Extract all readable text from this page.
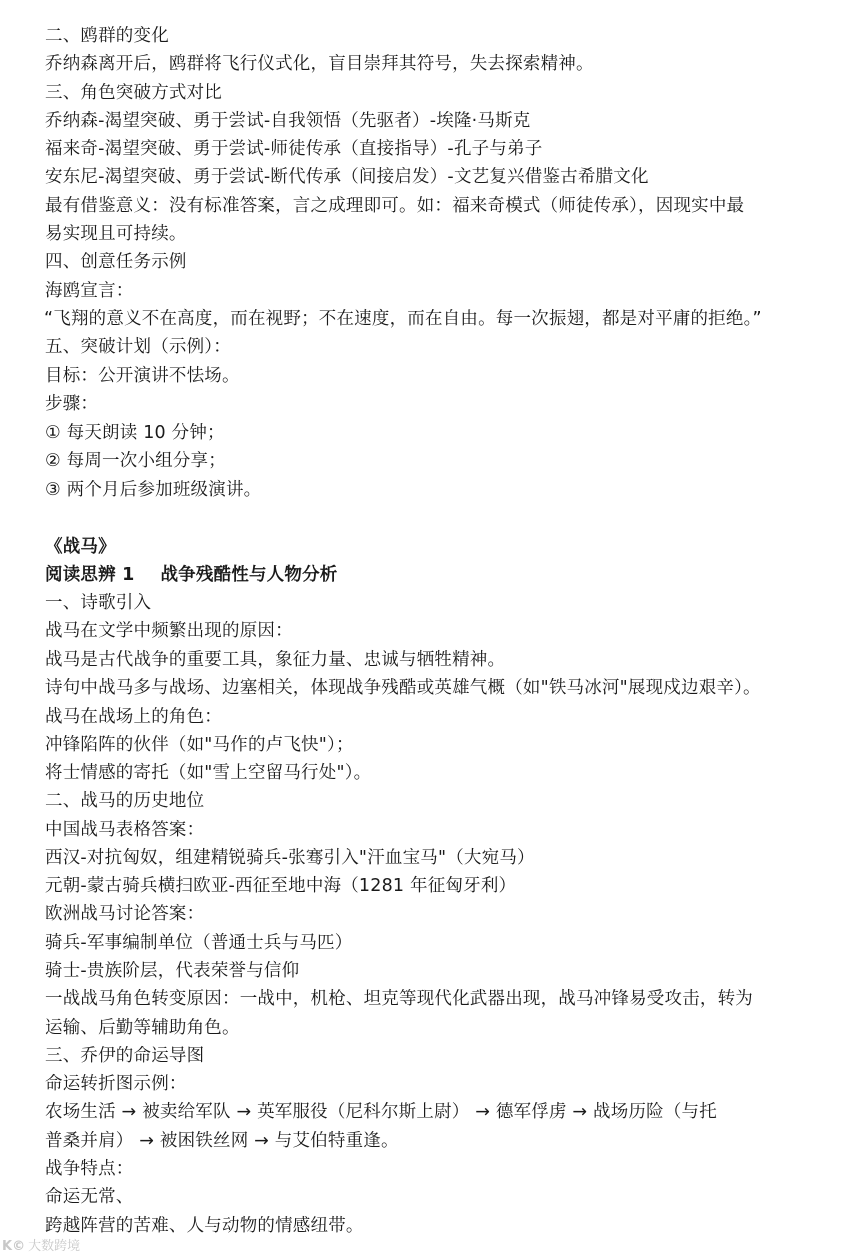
二、鸥群的变化
乔纳森离开后，鸥群将飞行仪式化，盲目崇拜其符号，失去探索精神。
三、角色突破方式对比
乔纳森-渴望突破、勇于尝试-自我领悟（先驱者）-埃隆·马斯克
福来奇-渴望突破、勇于尝试-师徒传承（直接指导）-孔子与弟子
安东尼-渴望突破、勇于尝试-断代传承（间接启发）-文艺复兴借鉴古希腊文化
最有借鉴意义：没有标准答案，言之成理即可。如：福来奇模式（师徒传承），因现实中最
易实现且可持续。
四、创意任务示例
海鸥宣言：
“飞翔的意义不在高度，而在视野；不在速度，而在自由。每一次振翅，都是对平庸的拒绝。”
五、突破计划（示例）：
目标：公开演讲不怯场。
步骤：
① 每天朗读 10 分钟；
② 每周一次小组分享；
③ 两个月后参加班级演讲。
《战马》
阅读思辨 1 战争残酷性与人物分析
一、诗歌引入
战马在文学中频繁出现的原因：
战马是古代战争的重要工具，象征力量、忠诚与牺牲精神。
诗句中战马多与战场、边塞相关，体现战争残酷或英雄气概（如"铁马冰河"展现戍边艰辛）。
战马在战场上的角色：
冲锋陷阵的伙伴（如"马作的卢飞快"）；
将士情感的寄托（如"雪上空留马行处"）。
二、战马的历史地位
中国战马表格答案：
西汉-对抗匈奴，组建精锐骑兵-张骞引入"汗血宝马"（大宛马）
元朝-蒙古骑兵横扫欧亚-西征至地中海（1281 年征匈牙利）
欧洲战马讨论答案：
骑兵-军事编制单位（普通士兵与马匹）
骑士-贵族阶层，代表荣誉与信仰
一战战马角色转变原因：一战中，机枪、坦克等现代化武器出现，战马冲锋易受攻击，转为
运输、后勤等辅助角色。
三、乔伊的命运导图
命运转折图示例：
农场生活 → 被卖给军队 → 英军服役（尼科尔斯上尉） → 德军俘虏 → 战场历险（与托
普桑并肩） → 被困铁丝网 → 与艾伯特重逢。
战争特点：
命运无常、
跨越阵营的苦难、人与动物的情感纽带。
K© 大数跨境
